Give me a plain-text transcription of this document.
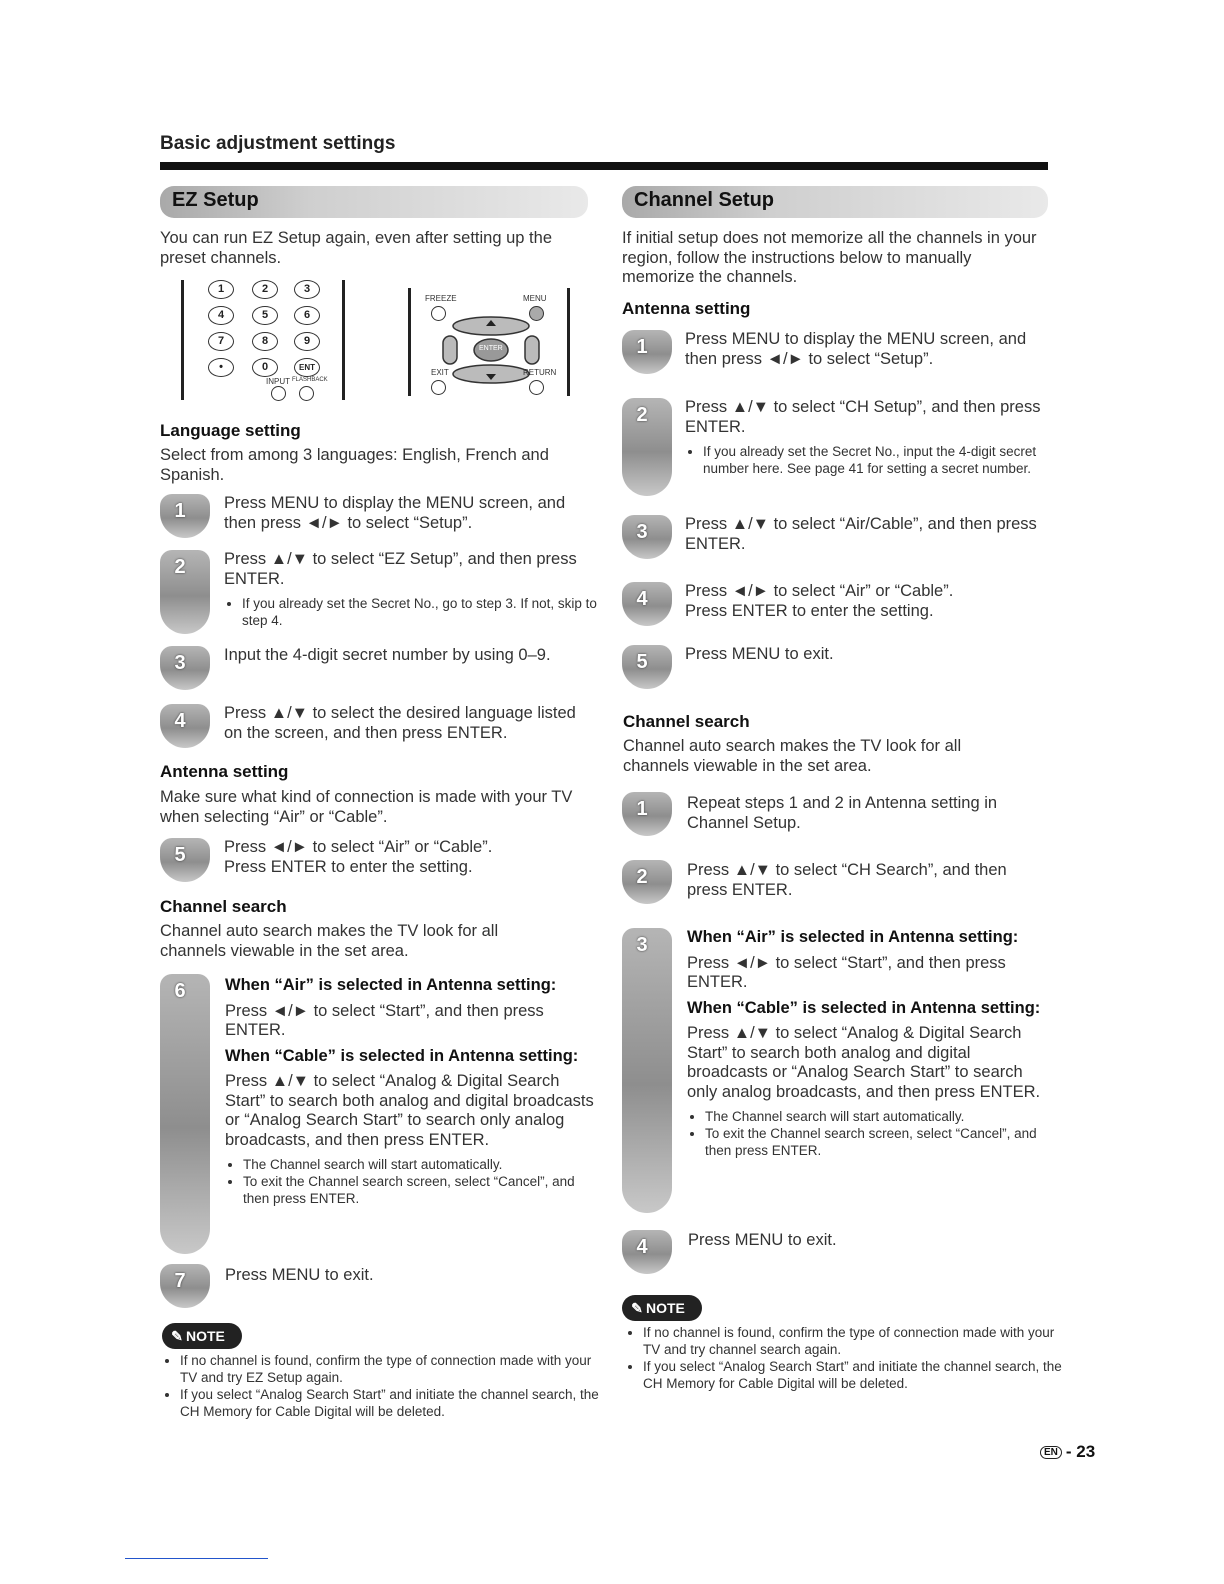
Basic adjustment settings
EZ Setup
You can run EZ Setup again, even after setting up the preset channels.
1	2	3
4	5	6
7	8	9
•	0	ENT
INPUT FLASHBACK
FREEZE	MENU
ENTER
EXIT	RETURN
Language setting
Select from among 3 languages: English, French and Spanish.
1	Press MENU to display the MENU screen, and then press ◄/► to select “Setup”.
2	Press ▲/▼ to select “EZ Setup”, and then press ENTER.
• If you already set the Secret No., go to step 3. If not, skip to step 4.
3	Input the 4-digit secret number by using 0–9.
4	Press ▲/▼ to select the desired language listed on the screen, and then press ENTER.
Antenna setting
Make sure what kind of connection is made with your TV when selecting “Air” or “Cable”.
5	Press ◄/► to select “Air” or “Cable”.
Press ENTER to enter the setting.
Channel search
Channel auto search makes the TV look for all channels viewable in the set area.
6	When “Air” is selected in Antenna setting:
Press ◄/► to select “Start”, and then press ENTER.
When “Cable” is selected in Antenna setting:
Press ▲/▼ to select “Analog & Digital Search Start” to search both analog and digital broadcasts or “Analog Search Start” to search only analog broadcasts, and then press ENTER.
• The Channel search will start automatically.
• To exit the Channel search screen, select “Cancel”, and then press ENTER.
7	Press MENU to exit.
✎ NOTE
• If no channel is found, confirm the type of connection made with your TV and try EZ Setup again.
• If you select “Analog Search Start” and initiate the channel search, the CH Memory for Cable Digital will be deleted.
Channel Setup
If initial setup does not memorize all the channels in your region, follow the instructions below to manually memorize the channels.
Antenna setting
1	Press MENU to display the MENU screen, and then press ◄/► to select “Setup”.
2	Press ▲/▼ to select “CH Setup”, and then press ENTER.
• If you already set the Secret No., input the 4-digit secret number here. See page 41 for setting a secret number.
3	Press ▲/▼ to select “Air/Cable”, and then press ENTER.
4	Press ◄/► to select “Air” or “Cable”.
Press ENTER to enter the setting.
5	Press MENU to exit.
Channel search
Channel auto search makes the TV look for all channels viewable in the set area.
1	Repeat steps 1 and 2 in Antenna setting in Channel Setup.
2	Press ▲/▼ to select “CH Search”, and then press ENTER.
3	When “Air” is selected in Antenna setting:
Press ◄/► to select “Start”, and then press ENTER.
When “Cable” is selected in Antenna setting:
Press ▲/▼ to select “Analog & Digital Search Start” to search both analog and digital broadcasts or “Analog Search Start” to search only analog broadcasts, and then press ENTER.
• The Channel search will start automatically.
• To exit the Channel search screen, select “Cancel”, and then press ENTER.
4	Press MENU to exit.
✎ NOTE
• If no channel is found, confirm the type of connection made with your TV and try channel search again.
• If you select “Analog Search Start” and initiate the channel search, the CH Memory for Cable Digital will be deleted.
EN - 23
